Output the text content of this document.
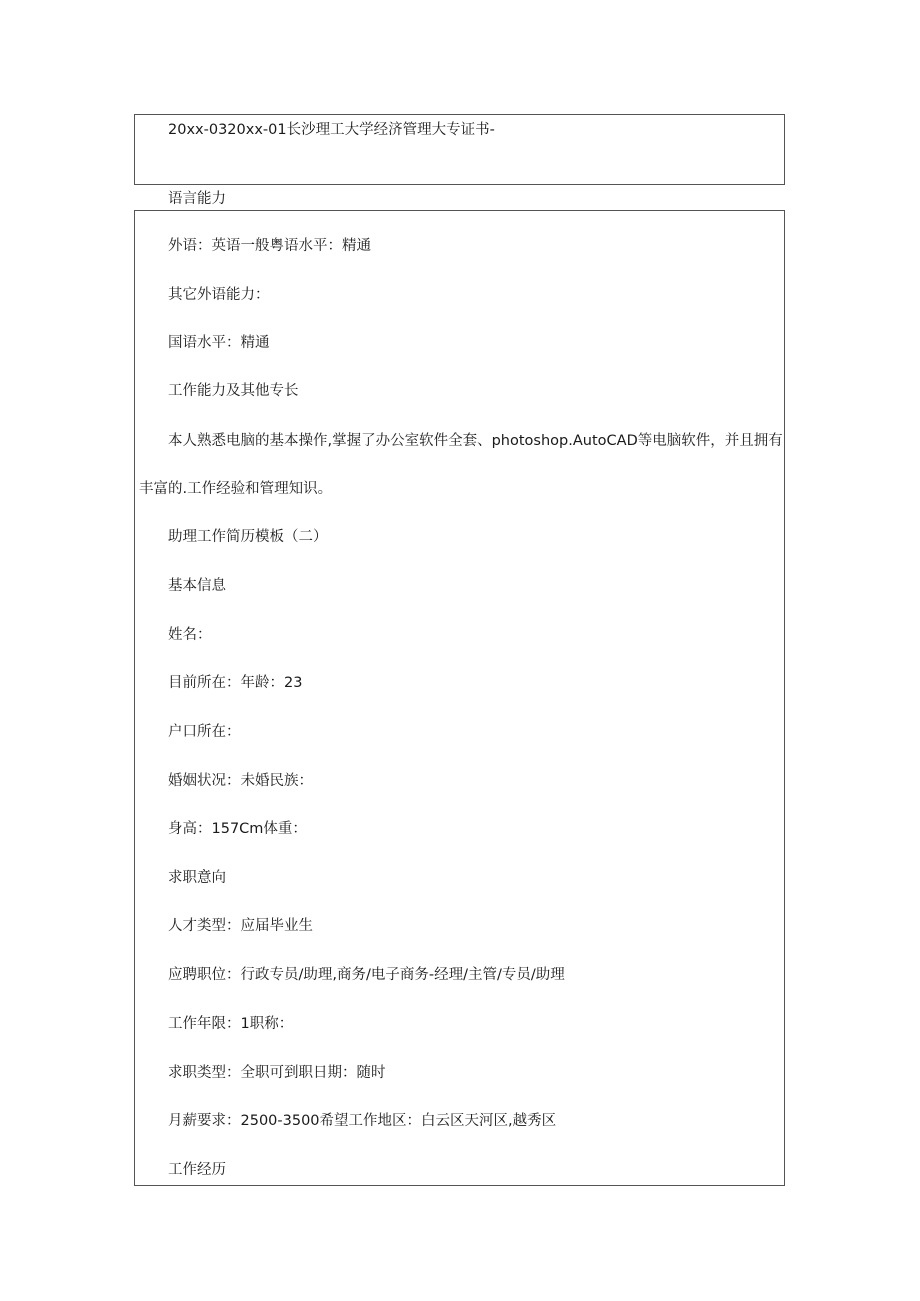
20xx-0320xx-01长沙理工大学经济管理大专证书-
语言能力
外语：英语一般粤语水平：精通
其它外语能力：
国语水平：精通
工作能力及其他专长
本人熟悉电脑的基本操作,掌握了办公室软件全套、photoshop.AutoCAD等电脑软件，并且拥有
丰富的.工作经验和管理知识。
助理工作简历模板（二）
基本信息
姓名：
目前所在：年龄：23
户口所在：
婚姻状况：未婚民族：
身高：157Cm体重：
求职意向
人才类型：应届毕业生
应聘职位：行政专员/助理,商务/电子商务-经理/主管/专员/助理
工作年限：1职称：
求职类型：全职可到职日期：随时
月薪要求：2500-3500希望工作地区：白云区天河区,越秀区
工作经历
